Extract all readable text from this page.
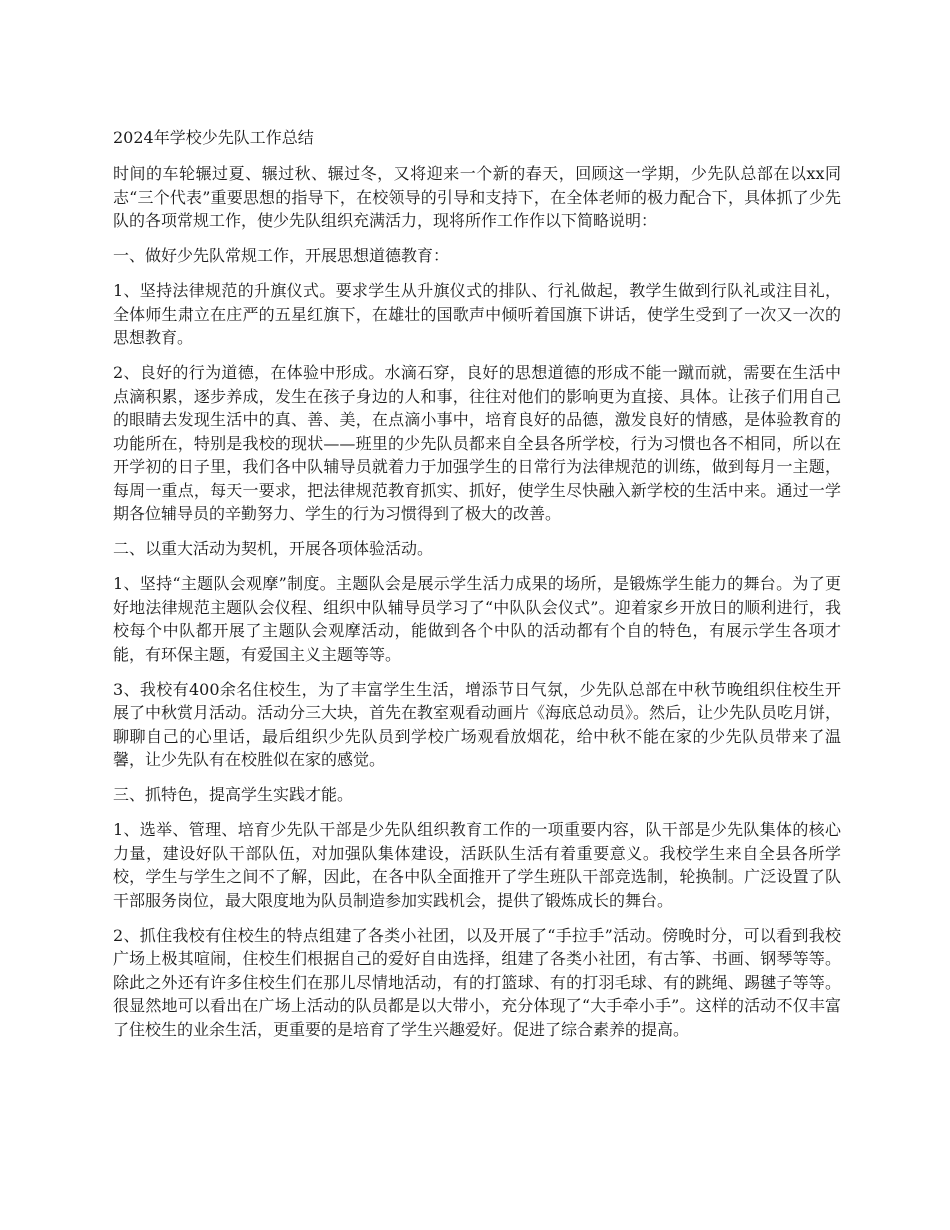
2024年学校少先队工作总结

时间的车轮辗过夏、辗过秋、辗过冬，又将迎来一个新的春天，回顾这一学期，少先队总部在以xx同志“三个代表”重要思想的指导下，在校领导的引导和支持下，在全体老师的极力配合下，具体抓了少先队的各项常规工作，使少先队组织充满活力，现将所作工作作以下简略说明：

一、做好少先队常规工作，开展思想道德教育：

1、坚持法律规范的升旗仪式。要求学生从升旗仪式的排队、行礼做起，教学生做到行队礼或注目礼，全体师生肃立在庄严的五星红旗下，在雄壮的国歌声中倾听着国旗下讲话，使学生受到了一次又一次的思想教育。

2、良好的行为道德，在体验中形成。水滴石穿，良好的思想道德的形成不能一蹴而就，需要在生活中点滴积累，逐步养成，发生在孩子身边的人和事，往往对他们的影响更为直接、具体。让孩子们用自己的眼睛去发现生活中的真、善、美，在点滴小事中，培育良好的品德，激发良好的情感，是体验教育的功能所在，特别是我校的现状——班里的少先队员都来自全县各所学校，行为习惯也各不相同，所以在开学初的日子里，我们各中队辅导员就着力于加强学生的日常行为法律规范的训练，做到每月一主题，每周一重点，每天一要求，把法律规范教育抓实、抓好，使学生尽快融入新学校的生活中来。通过一学期各位辅导员的辛勤努力、学生的行为习惯得到了极大的改善。

二、以重大活动为契机，开展各项体验活动。

1、坚持“主题队会观摩”制度。主题队会是展示学生活力成果的场所，是锻炼学生能力的舞台。为了更好地法律规范主题队会仪程、组织中队辅导员学习了“中队队会仪式”。迎着家乡开放日的顺利进行，我校每个中队都开展了主题队会观摩活动，能做到各个中队的活动都有个自的特色，有展示学生各项才能，有环保主题，有爱国主义主题等等。

3、我校有400余名住校生，为了丰富学生生活，增添节日气氛，少先队总部在中秋节晚组织住校生开展了中秋赏月活动。活动分三大块，首先在教室观看动画片《海底总动员》。然后，让少先队员吃月饼，聊聊自己的心里话，最后组织少先队员到学校广场观看放烟花，给中秋不能在家的少先队员带来了温馨，让少先队有在校胜似在家的感觉。

三、抓特色，提高学生实践才能。

1、选举、管理、培育少先队干部是少先队组织教育工作的一项重要内容，队干部是少先队集体的核心力量，建设好队干部队伍，对加强队集体建设，活跃队生活有着重要意义。我校学生来自全县各所学校，学生与学生之间不了解，因此，在各中队全面推开了学生班队干部竞选制，轮换制。广泛设置了队干部服务岗位，最大限度地为队员制造参加实践机会，提供了锻炼成长的舞台。

2、抓住我校有住校生的特点组建了各类小社团，以及开展了“手拉手”活动。傍晚时分，可以看到我校广场上极其喧闹，住校生们根据自己的爱好自由选择，组建了各类小社团，有古筝、书画、钢琴等等。除此之外还有许多住校生们在那儿尽情地活动，有的打篮球、有的打羽毛球、有的跳绳、踢毽子等等。很显然地可以看出在广场上活动的队员都是以大带小，充分体现了“大手牵小手”。这样的活动不仅丰富了住校生的业余生活，更重要的是培育了学生兴趣爱好。促进了综合素养的提高。
